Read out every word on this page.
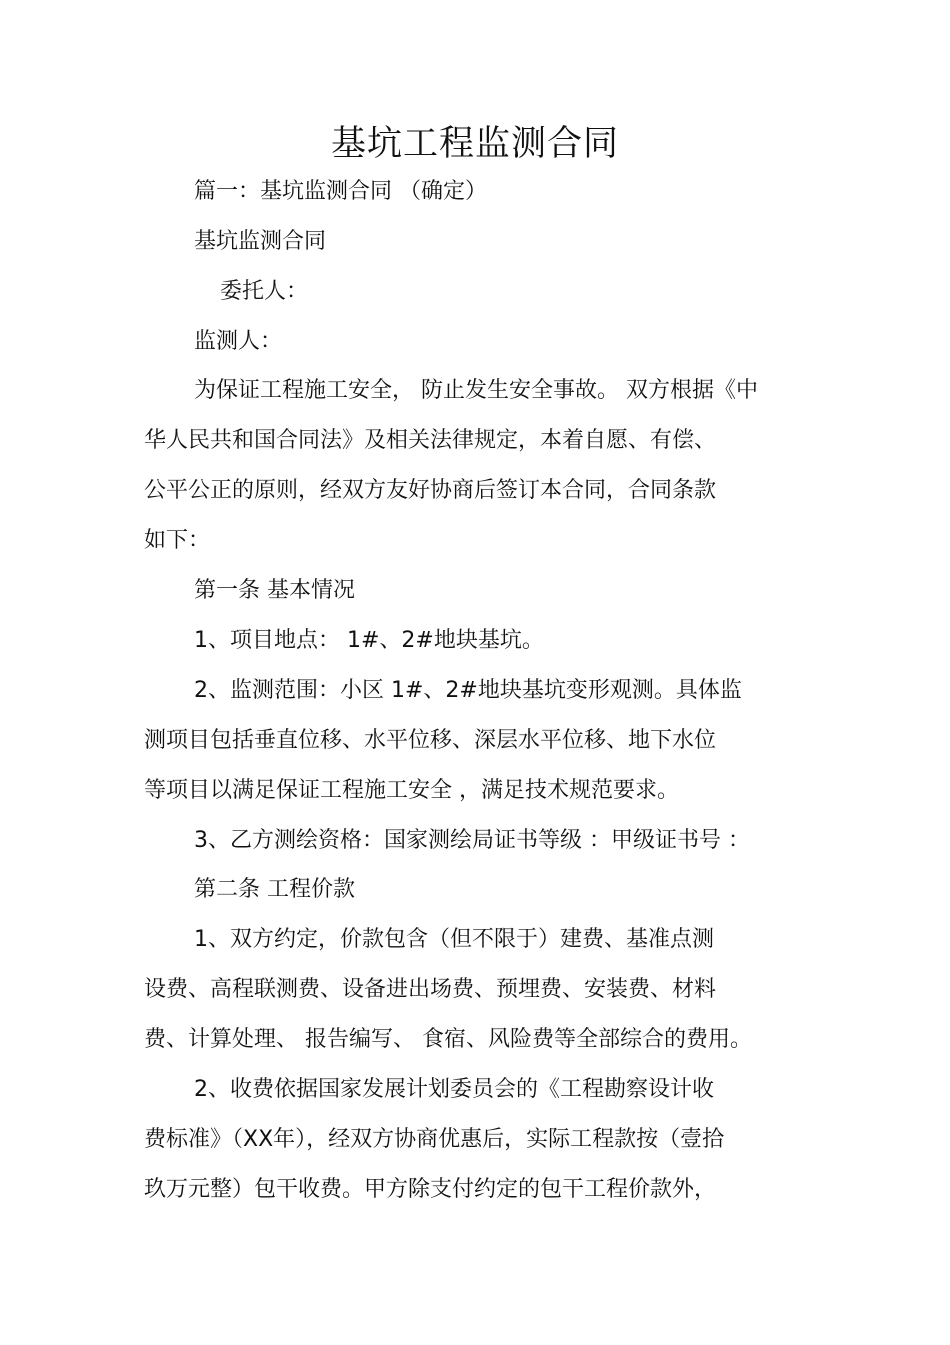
基坑工程监测合同
篇一：基坑监测合同 （确定）
基坑监测合同
委托人：
监测人：
为保证工程施工安全， 防止发生安全事故。 双方根据《中
华人民共和国合同法》及相关法律规定，本着自愿、有偿、
公平公正的原则，经双方友好协商后签订本合同，合同条款
如下：
第一条 基本情况
1、项目地点： 1#、2#地块基坑。
2、监测范围：小区 1#、2#地块基坑变形观测。具体监
测项目包括垂直位移、水平位移、深层水平位移、地下水位
等项目以满足保证工程施工安全 ，满足技术规范要求。
3、乙方测绘资格：国家测绘局证书等级 ：甲级证书号 ：
第二条 工程价款
1、双方约定，价款包含（但不限于）建费、基准点测
设费、高程联测费、设备进出场费、预埋费、安装费、材料
费、计算处理、 报告编写、 食宿、风险费等全部综合的费用。
2、收费依据国家发展计划委员会的《工程勘察设计收
费标准》（XX年），经双方协商优惠后，实际工程款按（壹拾
玖万元整）包干收费。甲方除支付约定的包干工程价款外，
